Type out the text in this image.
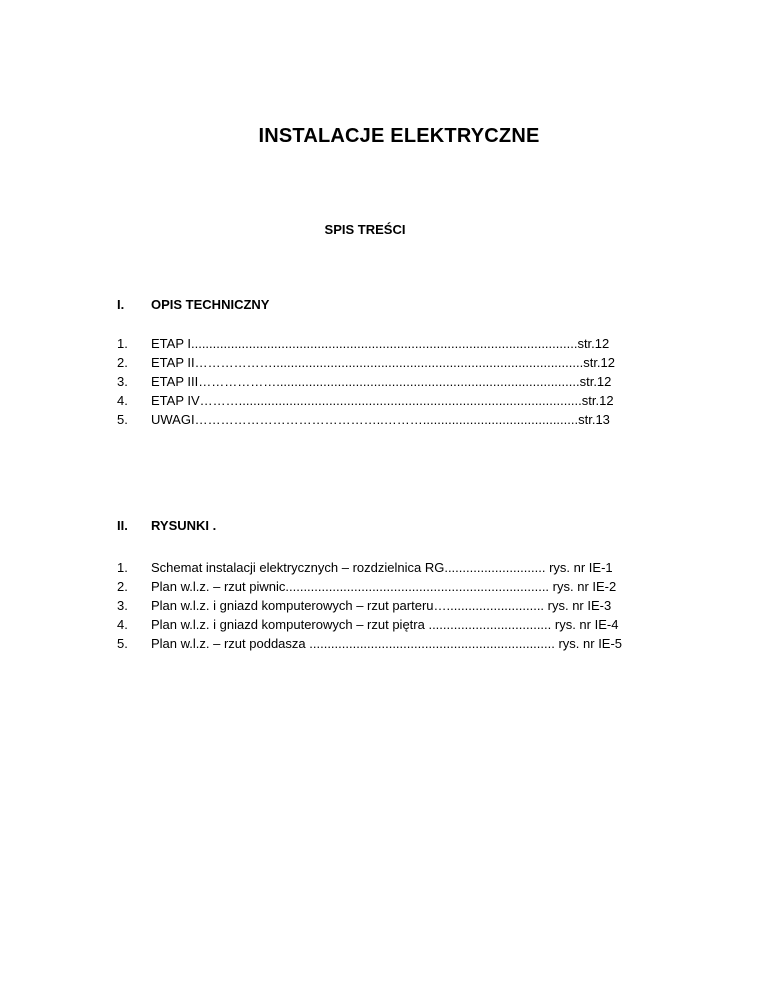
INSTALACJE ELEKTRYCZNE
SPIS TREŚCI
I. OPIS TECHNICZNY
1. ETAP I...........................................................................................................str.12
2. ETAP II………………......................................................................................str.12
3. ETAP III………………....................................................................................str.12
4. ETAP IV………...............................................................................................str.12
5. UWAGI……………………………………..………...........................................str.13
II. RYSUNKI .
1. Schemat instalacji elektrycznych – rozdzielnica RG............................ rys. nr IE-1
2. Plan w.l.z. – rzut piwnic......................................................................... rys. nr IE-2
3. Plan w.l.z. i gniazd komputerowych – rzut parteru…........................... rys. nr IE-3
4. Plan w.l.z. i gniazd komputerowych – rzut piętra .................................. rys. nr IE-4
5. Plan w.l.z. – rzut poddasza .................................................................... rys. nr IE-5
